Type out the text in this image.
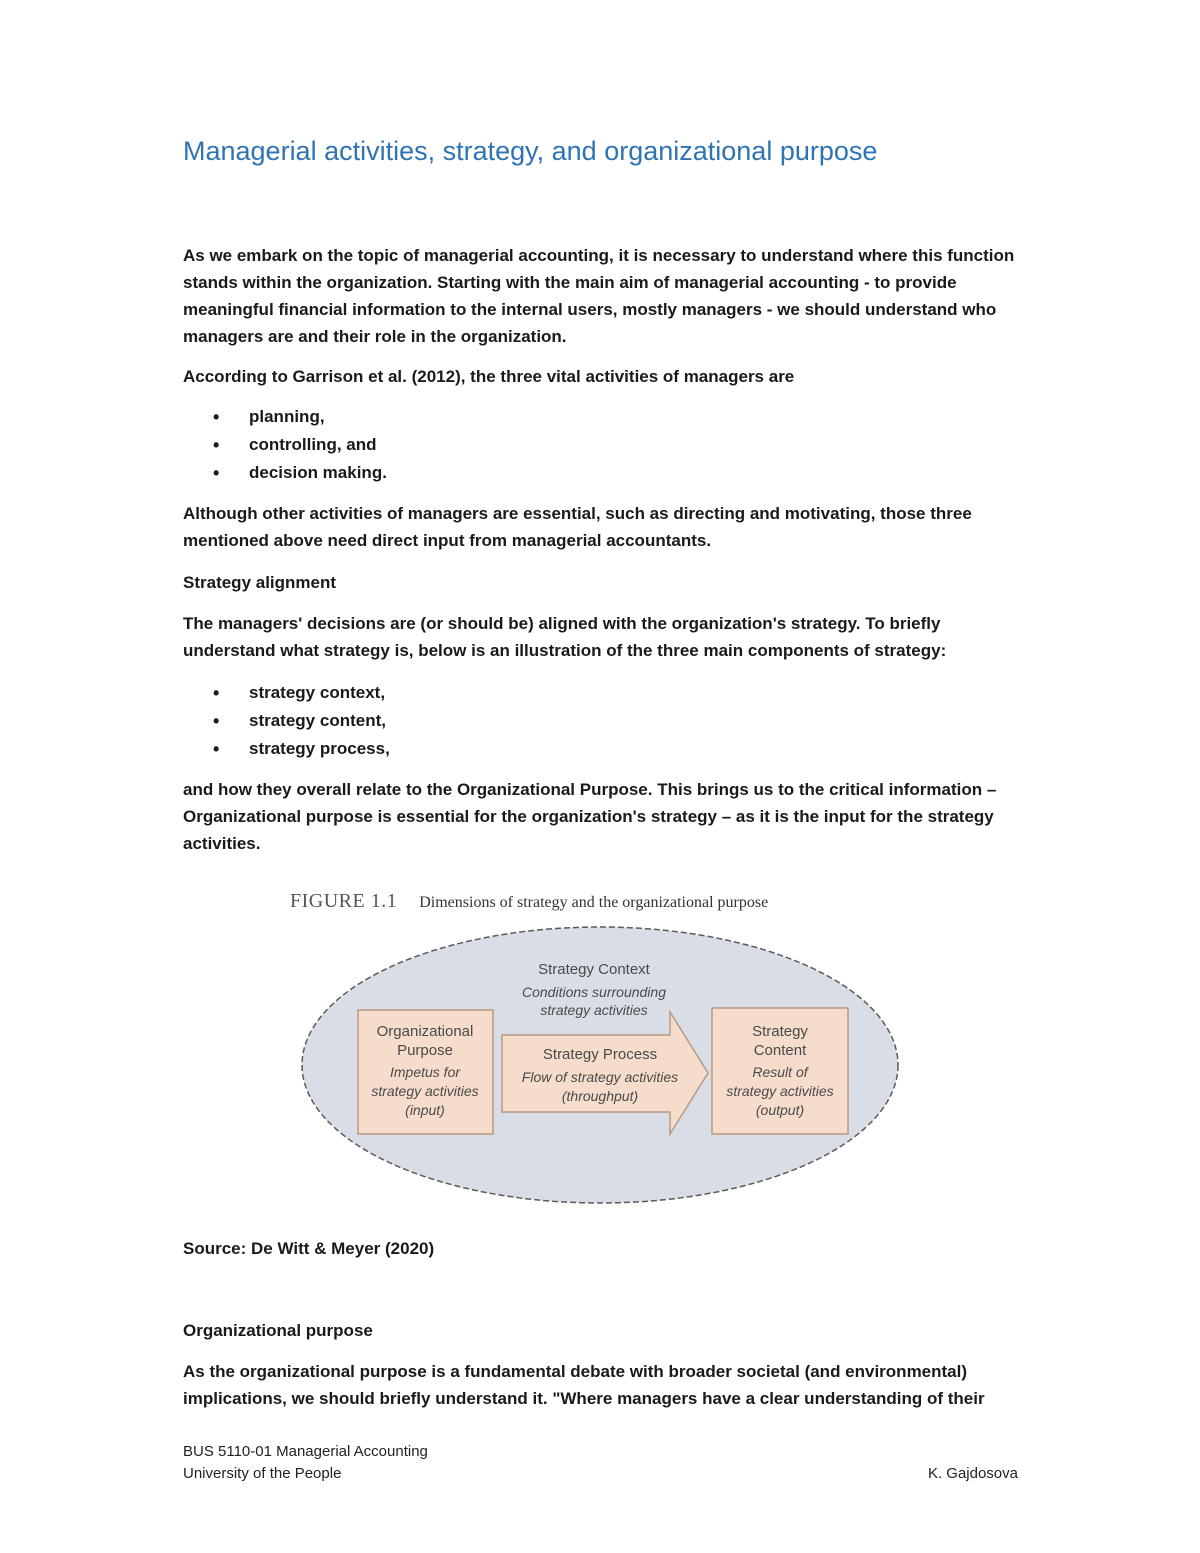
Managerial activities, strategy, and organizational purpose

As we embark on the topic of managerial accounting, it is necessary to understand where this function stands within the organization. Starting with the main aim of managerial accounting - to provide meaningful financial information to the internal users, mostly managers - we should understand who managers are and their role in the organization.

According to Garrison et al. (2012), the three vital activities of managers are

• planning,
• controlling, and
• decision making.

Although other activities of managers are essential, such as directing and motivating, those three mentioned above need direct input from managerial accountants.

Strategy alignment

The managers' decisions are (or should be) aligned with the organization's strategy. To briefly understand what strategy is, below is an illustration of the three main components of strategy:

• strategy context,
• strategy content,
• strategy process,

and how they overall relate to the Organizational Purpose. This brings us to the critical information – Organizational purpose is essential for the organization's strategy – as it is the input for the strategy activities.

FIGURE 1.1 Dimensions of strategy and the organizational purpose
Strategy Context
Conditions surrounding
strategy activities
Organizational
Purpose
Impetus for
strategy activities
(input)
Strategy Process
Flow of strategy activities
(throughput)
Strategy
Content
Result of
strategy activities
(output)

Source: De Witt & Meyer (2020)

Organizational purpose

As the organizational purpose is a fundamental debate with broader societal (and environmental) implications, we should briefly understand it. "Where managers have a clear understanding of their

BUS 5110-01 Managerial Accounting
University of the People	K. Gajdosova
